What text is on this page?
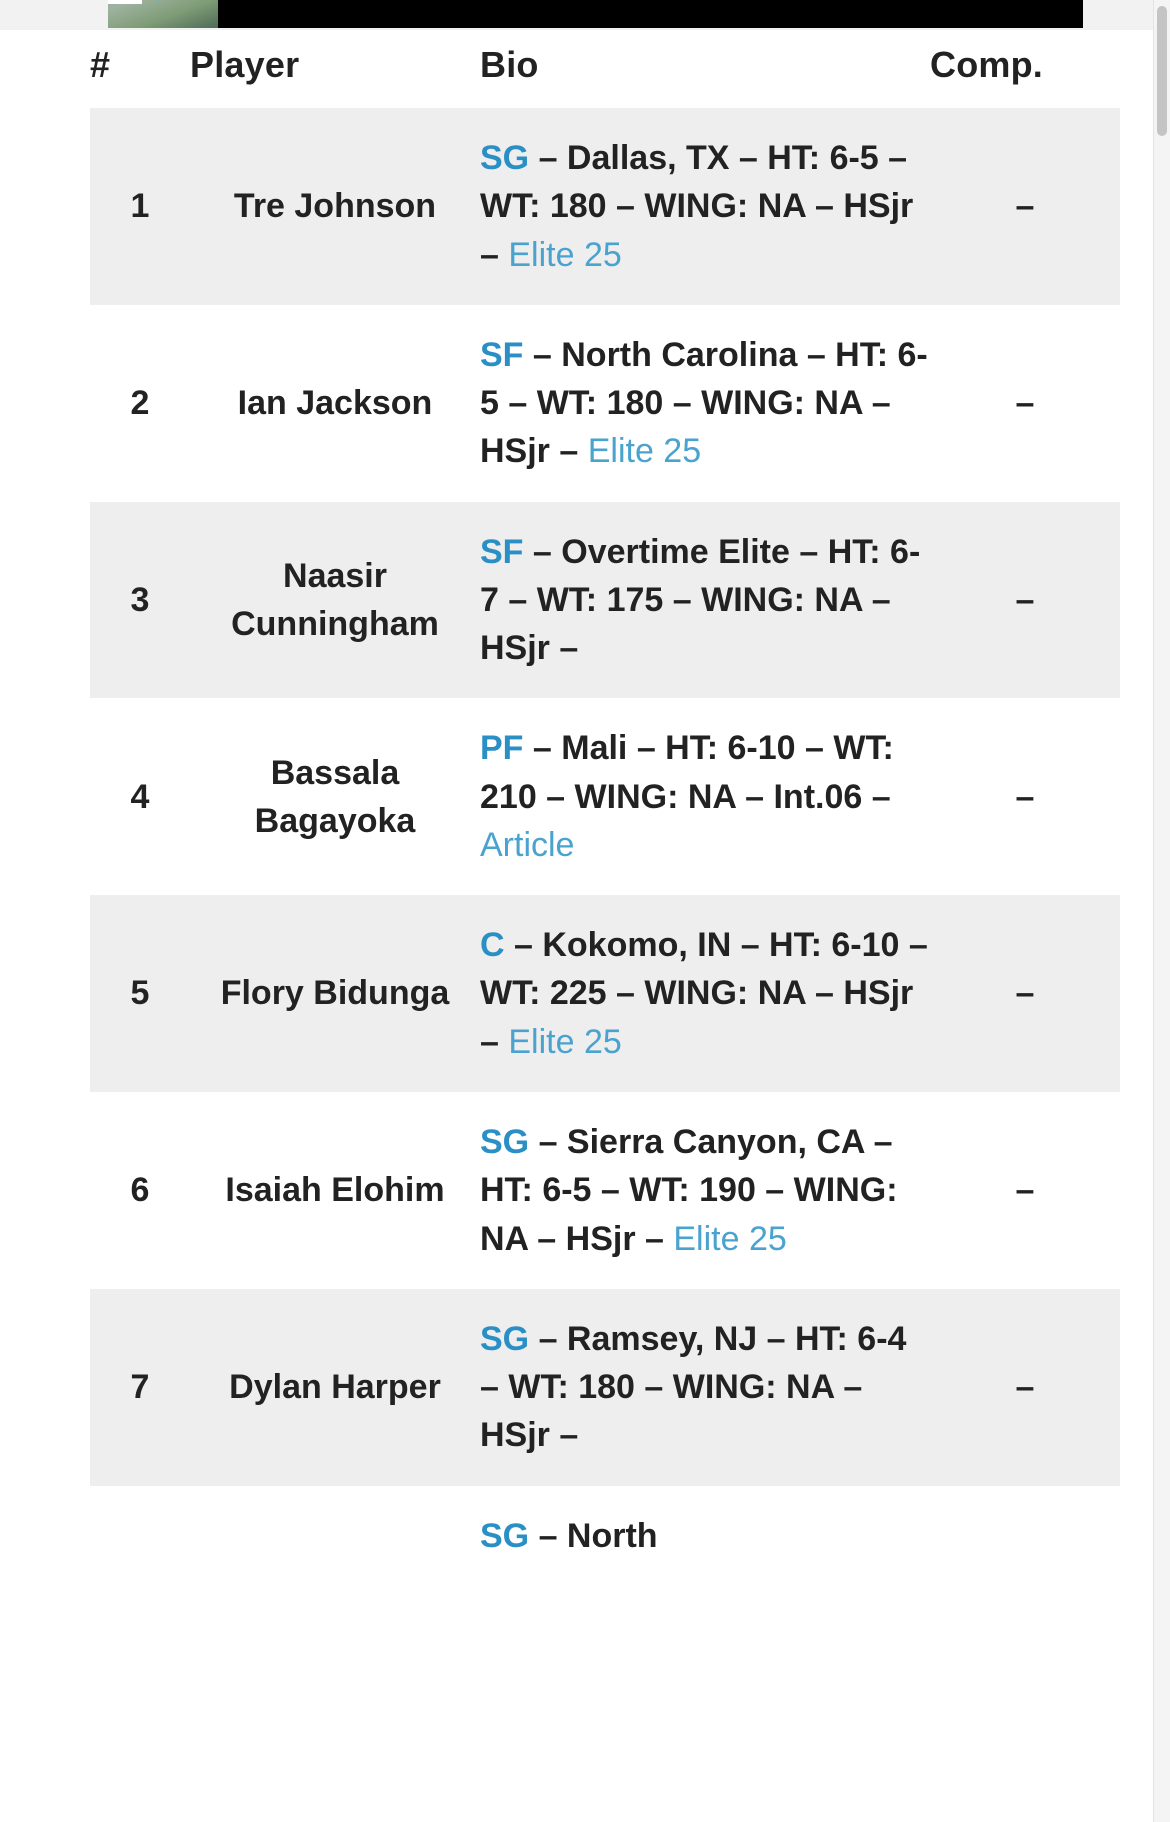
#	Player	Bio	Comp.
1	Tre Johnson	SG – Dallas, TX – HT: 6-5 – WT: 180 – WING: NA – HSjr – Elite 25	–
2	Ian Jackson	SF – North Carolina – HT: 6-5 – WT: 180 – WING: NA – HSjr – Elite 25	–
3	Naasir Cunningham	SF – Overtime Elite – HT: 6-7 – WT: 175 – WING: NA – HSjr –	–
4	Bassala Bagayoka	PF – Mali – HT: 6-10 – WT: 210 – WING: NA – Int.06 – Article	–
5	Flory Bidunga	C – Kokomo, IN – HT: 6-10 – WT: 225 – WING: NA – HSjr – Elite 25	–
6	Isaiah Elohim	SG – Sierra Canyon, CA – HT: 6-5 – WT: 190 – WING: NA – HSjr – Elite 25	–
7	Dylan Harper	SG – Ramsey, NJ – HT: 6-4 – WT: 180 – WING: NA – HSjr –	–
		SG – North	
